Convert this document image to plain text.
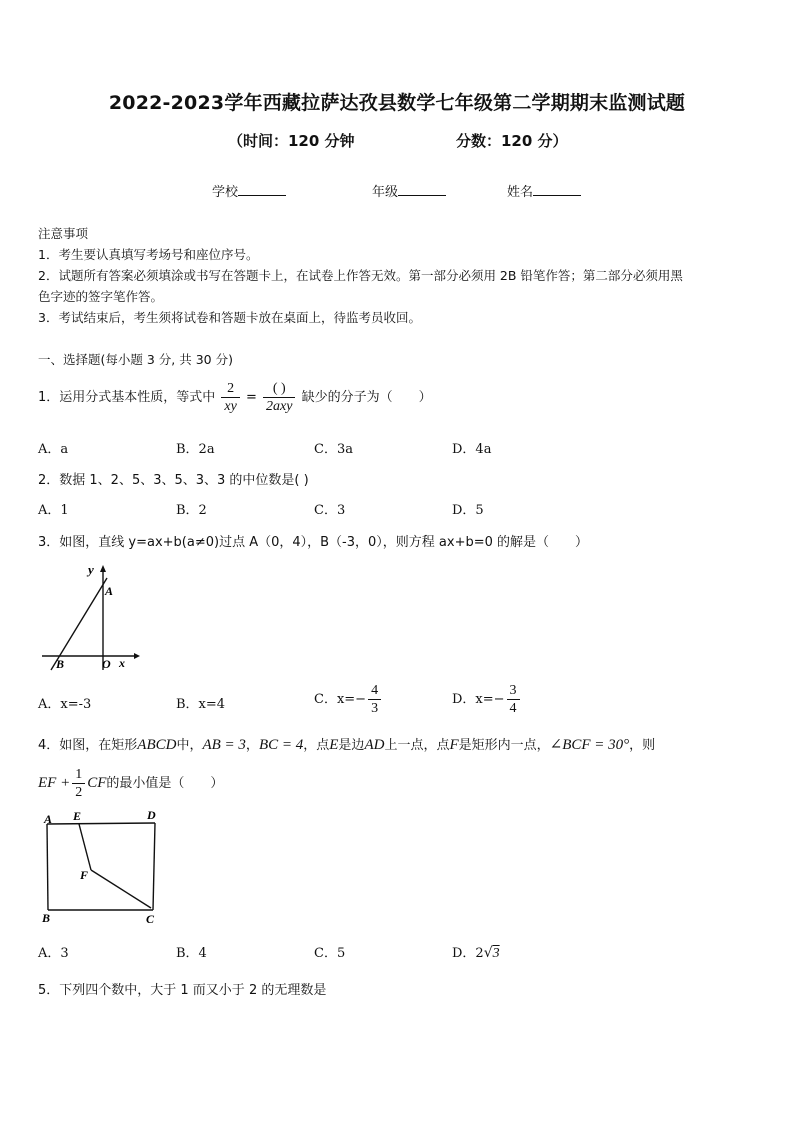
2022-2023学年西藏拉萨达孜县数学七年级第二学期期末监测试题
（时间：120 分钟	分数：120 分）
学校	年级	姓名
注意事项
1．考生要认真填写考场号和座位序号。
2．试题所有答案必须填涂或书写在答题卡上，在试卷上作答无效。第一部分必须用 2B 铅笔作答；第二部分必须用黑
色字迹的签字笔作答。
3．考试结束后，考生须将试卷和答题卡放在桌面上，待监考员收回。
一、选择题(每小题 3 分, 共 30 分)
1．运用分式基本性质，等式中 $\frac{2}{xy} = \frac{( )}{\text{2axy}}$ 缺少的分子为（　　）
A．a	B．2a	C．3a	D．4a
2．数据 1、2、5、3、5、3、3 的中位数是( )
A．1	B．2	C．3	D．5
3．如图，直线 y=ax+b(a≠0)过点 A（0，4），B（-3，0），则方程 ax+b=0 的解是（　　）
y
A
B	O x
A．x=-3	B．x=4	C．$x=- \frac{4}{3}$	D．$x=- \frac{3}{4}$
4．如图，在矩形ABCD中，AB = 3，BC = 4，点E是边AD上一点，点F是矩形内一点，∠BCF = 30°，则
EF + $\frac{1}{2}$ CF的最小值是（　　）
A E	D
F
B	C
A．3	B．4	C．5	D．2√3
5．下列四个数中，大于 1 而又小于 2 的无理数是
